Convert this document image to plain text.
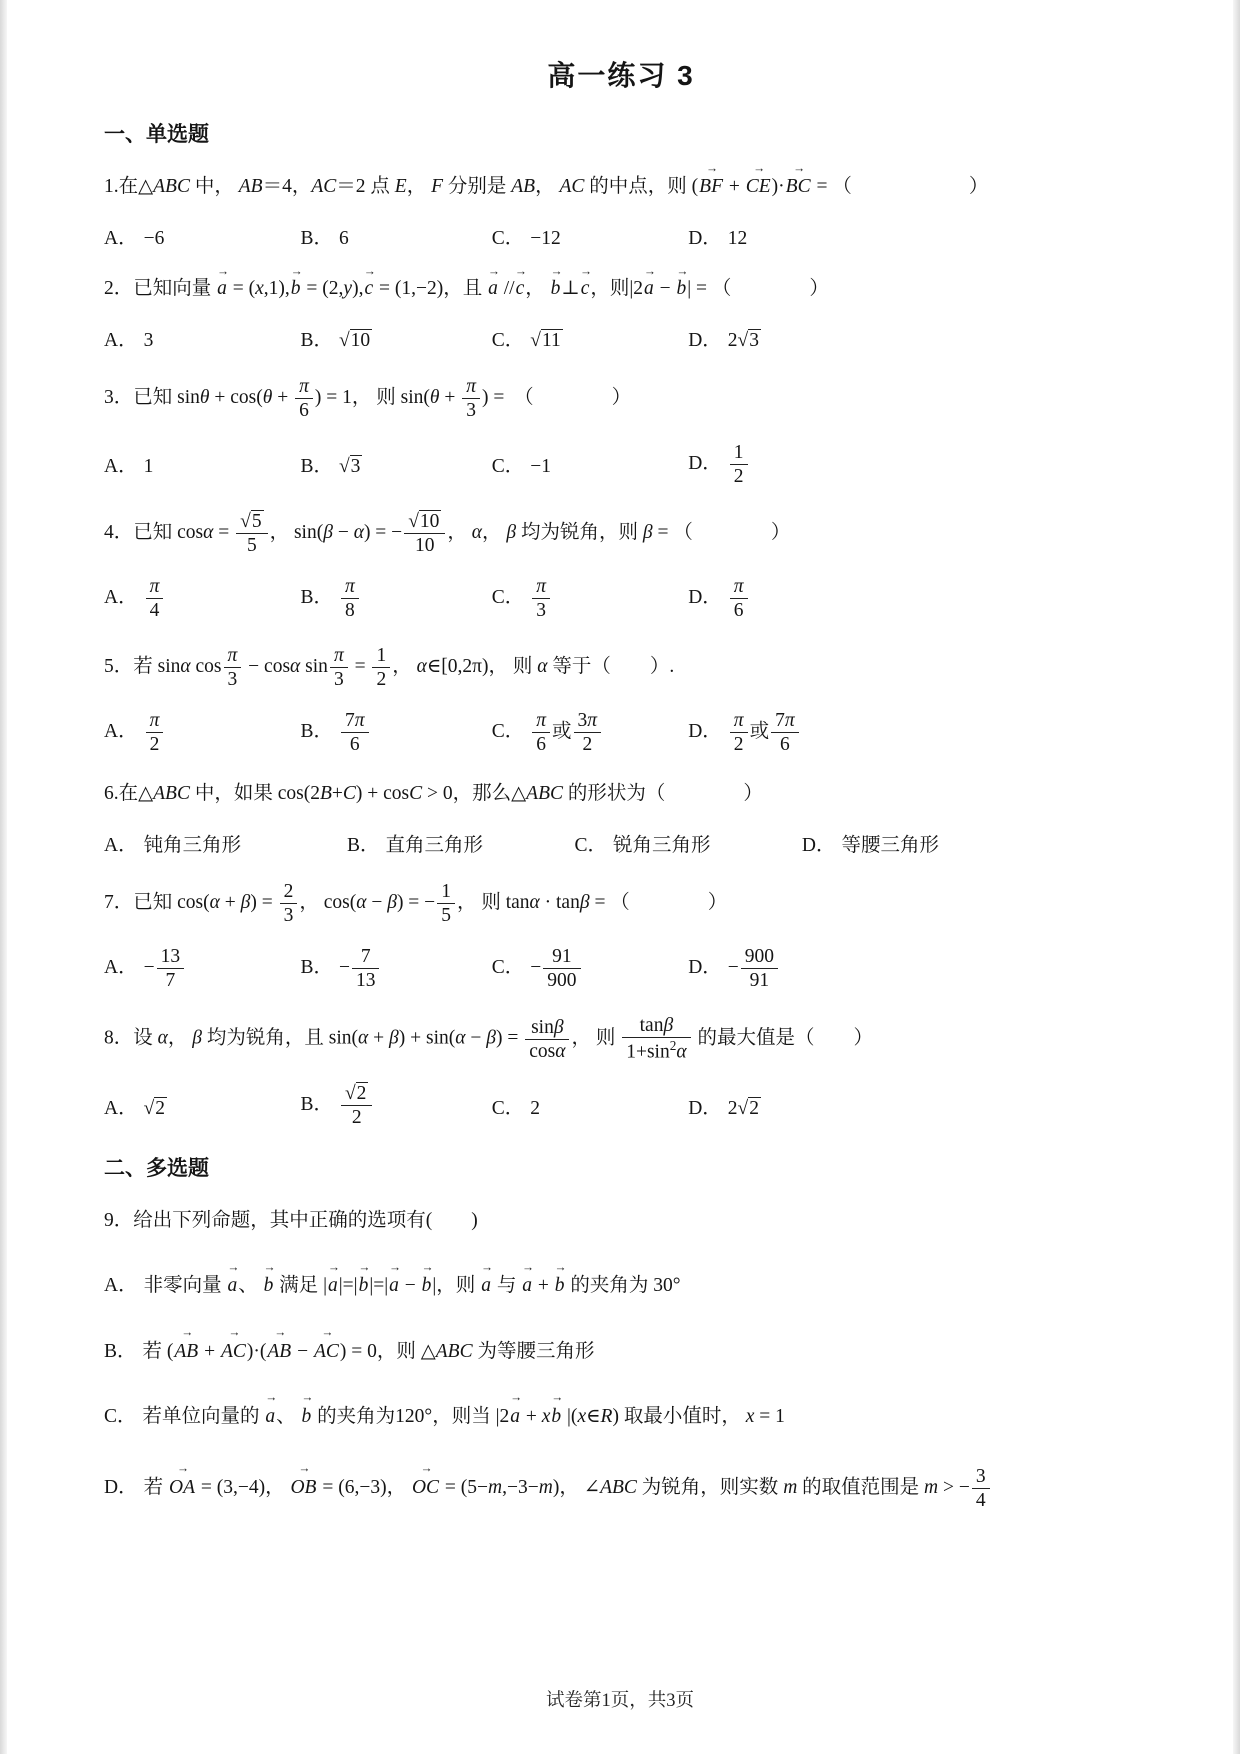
高一练习 3
一、单选题
1.在△ABC 中， AB＝4，AC＝2 点 E， F 分别是 AB， AC 的中点，则 (BF → + CE →)·BC → = （　　　　　　）
A． −6	B． 6	C． −12	D． 12
2．已知向量 a → = (x,1),b → = (2,y),c → = (1,−2)，且 a → //c →， b →⊥c →，则|2a → − b →| = （　　　　）
A． 3	B． √ 10	C． √ 11	D． 2 √ 3
3．已知 $\sin\theta + \cos(\theta + \frac{\pi}{6}$ ) = 1， 则 $\sin(\theta + \frac{\pi}{3}$ ) =　（　　　　）
A． 1	B． √ 3	C． −1	D． $\frac{1}{2}$
4．已知 cosα = √ $\frac{5}{5}$ ， sin(β − α) = − √ $\frac{10}{10}$ ， α， β 均为锐角，则 β = （　　　　）
A． $\frac{\pi}{4}$	B． $\frac{\pi}{8}$	C． $\frac{\pi}{3}$	D． $\frac{\pi}{6}$
5．若 sinα $\cos \frac{\pi}{3} - \cos\alpha$ $\sin \frac{\pi}{3} = \frac{1}{2}$ ， α∈[0,2π)， 则 α 等于（　　）.
A． $\frac{\pi}{2}$	B． $\frac{7\pi}{6}$	C． $\frac{\pi}{6}$ 或 $\frac{3\pi}{2}$	D． $\frac{\pi}{2}$ 或 $\frac{7\pi}{6}$
6.在△ABC 中，如果 cos(2B+C) + cosC > 0，那么△ABC 的形状为（　　　　）
A． 钝角三角形	B． 直角三角形	C． 锐角三角形	D． 等腰三角形
7．已知 $\cos(\alpha + \beta) = \frac{2}{3}$ ， cos(α − β) = − $\frac{1}{5}$ ， 则 tanα · tanβ = （　　　　）
A． − $\frac{13}{7}$	B． − $\frac{7}{13}$	C． − $\frac{91}{900}$	D． − $\frac{900}{91}$
8．设 α， β 均为锐角，且 $\sin(\alpha + \beta) + \sin(\alpha - \beta) = \frac{\sin\beta}{\cos\alpha}$ ， 则 $\frac{\tan\beta}{1+\sin^2\alpha}$ 的最大值是（　　）
A． √ 2	B． √ $\frac{2}{2}$	C． 2	D． 2 √ 2
二、多选题
9．给出下列命题，其中正确的选项有(　　)
A． 非零向量 a →、 b → 满足 |a →|=|b →|=|a → − b →|，则 a → 与 a → + b → 的夹角为 30°
B． 若 (AB → + AC →)·(AB → − AC →) = 0，则 △ABC 为等腰三角形
C． 若单位向量的 a →、 b → 的夹角为120°，则当 |2a → + xb → |(x∈R) 取最小值时， x = 1
D． 若 OA → = (3,−4)， OB → = (6,−3)， OC → = (5−m,−3−m)， ∠ABC 为锐角，则实数 m 的取值范围是 m > − $\frac{3}{4}$
试卷第1页，共3页
